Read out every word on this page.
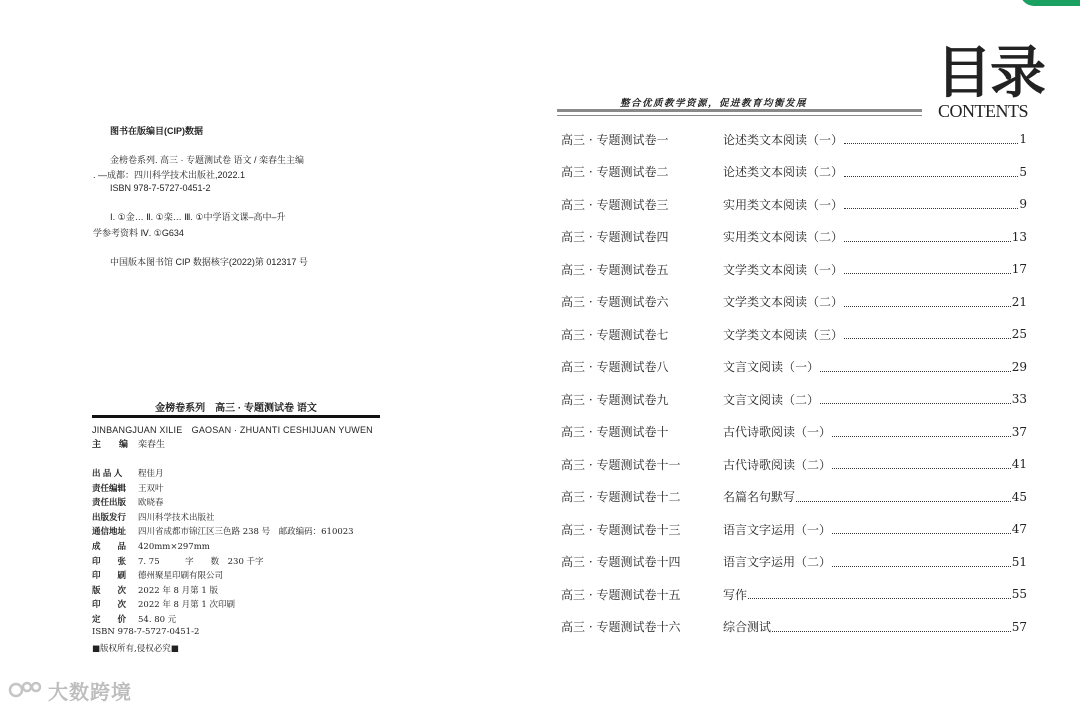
图书在版编目(CIP)数据
金榜卷系列. 高三 · 专题测试卷 语文 / 栾春生主编
. —成都：四川科学技术出版社,2022.1
ISBN 978-7-5727-0451-2
Ⅰ. ①金… Ⅱ. ①栾… Ⅲ. ①中学语文课–高中–升
学参考资料 Ⅳ. ①G634
中国版本图书馆 CIP 数据核字(2022)第 012317 号
金榜卷系列　高三 · 专题测试卷 语文
JINBANGJUAN XILIE　GAOSAN · ZHUANTI CESHIJUAN YUWEN
主　　编 栾春生
出 品 人 程佳月
责任编辑 王双叶
责任出版 欧晓春
出版发行 四川科学技术出版社
通信地址 四川省成都市锦江区三色路 238 号　邮政编码：610023
成　　品 420mm×297mm
印　　张 7. 75　　　字　　数　230 千字
印　　刷 德州聚星印刷有限公司
版　　次 2022 年 8 月第 1 版
印　　次 2022 年 8 月第 1 次印刷
定　　价 54. 80 元
ISBN 978-7-5727-0451-2
■版权所有,侵权必究■
目录
CONTENTS
整合优质教学资源，促进教育均衡发展
高三 · 专题测试卷一	论述类文本阅读（一）	1
高三 · 专题测试卷二	论述类文本阅读（二）	5
高三 · 专题测试卷三	实用类文本阅读（一）	9
高三 · 专题测试卷四	实用类文本阅读（二）	13
高三 · 专题测试卷五	文学类文本阅读（一）	17
高三 · 专题测试卷六	文学类文本阅读（二）	21
高三 · 专题测试卷七	文学类文本阅读（三）	25
高三 · 专题测试卷八	文言文阅读（一）	29
高三 · 专题测试卷九	文言文阅读（二）	33
高三 · 专题测试卷十	古代诗歌阅读（一）	37
高三 · 专题测试卷十一	古代诗歌阅读（二）	41
高三 · 专题测试卷十二	名篇名句默写	45
高三 · 专题测试卷十三	语言文字运用（一）	47
高三 · 专题测试卷十四	语言文字运用（二）	51
高三 · 专题测试卷十五	写作	55
高三 · 专题测试卷十六	综合测试	57
大数跨境
